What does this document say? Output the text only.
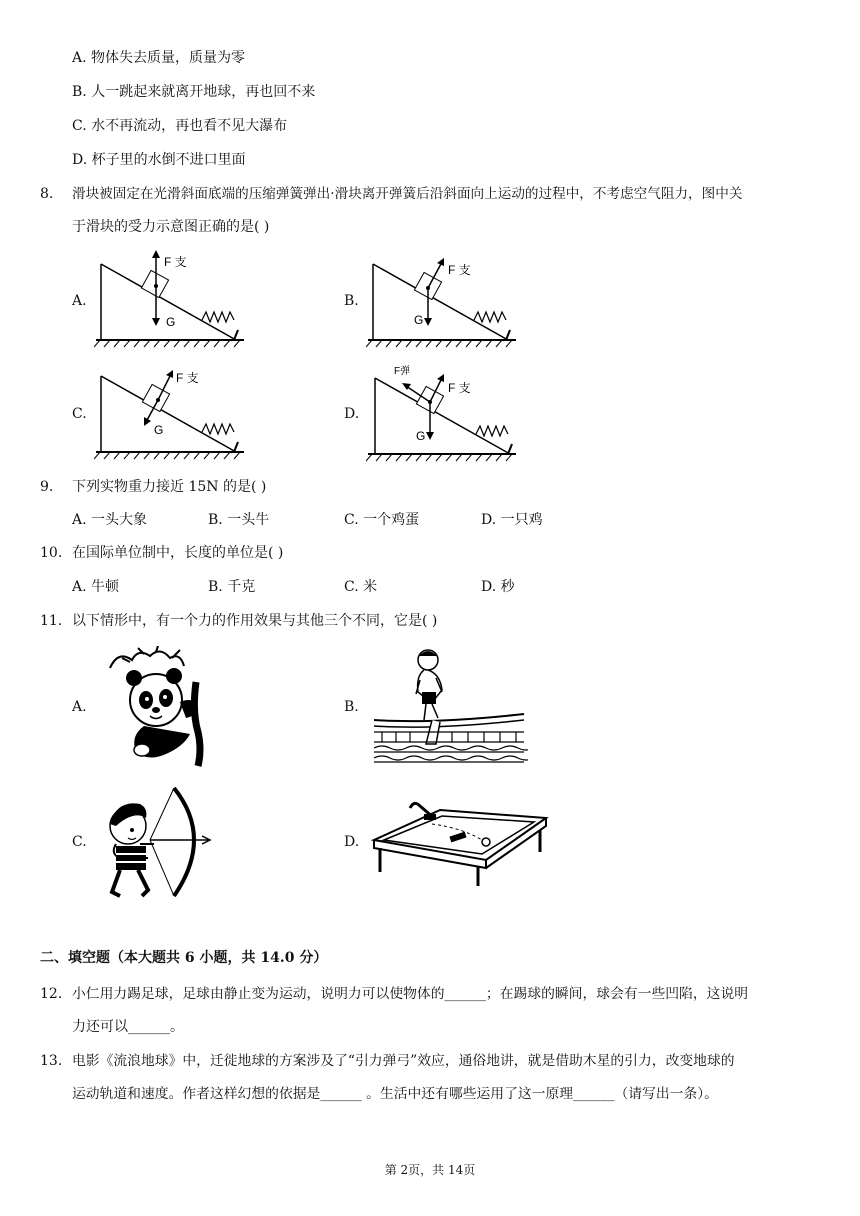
A. 物体失去质量，质量为零
B. 人一跳起来就离开地球，再也回不来
C. 水不再流动，再也看不见大瀑布
D. 杯子里的水倒不进口里面
8. 滑块被固定在光滑斜面底端的压缩弹簧弹出·滑块离开弹簧后沿斜面向上运动的过程中，不考虑空气阻力，图中关
于滑块的受力示意图正确的是( )
A.	B.
C.	D.
F 支
G
F 支
G
F 支
G
F 支
F弹
G
9. 下列实物重力接近 15N 的是( )
A. 一头大象	B. 一头牛	C. 一个鸡蛋	D. 一只鸡
10. 在国际单位制中，长度的单位是( )
A. 牛顿	B. 千克	C. 米	D. 秒
11. 以下情形中，有一个力的作用效果与其他三个不同，它是( )
A.	B.
C.	D.
二、填空题（本大题共 6 小题，共 14.0 分）
12. 小仁用力踢足球，足球由静止变为运动，说明力可以使物体的______；在踢球的瞬间，球会有一些凹陷，这说明
力还可以______。
13. 电影《流浪地球》中，迁徙地球的方案涉及了“引力弹弓”效应，通俗地讲，就是借助木星的引力，改变地球的
运动轨道和速度。作者这样幻想的依据是______ 。生活中还有哪些运用了这一原理______（请写出一条）。
第 2页，共 14页
